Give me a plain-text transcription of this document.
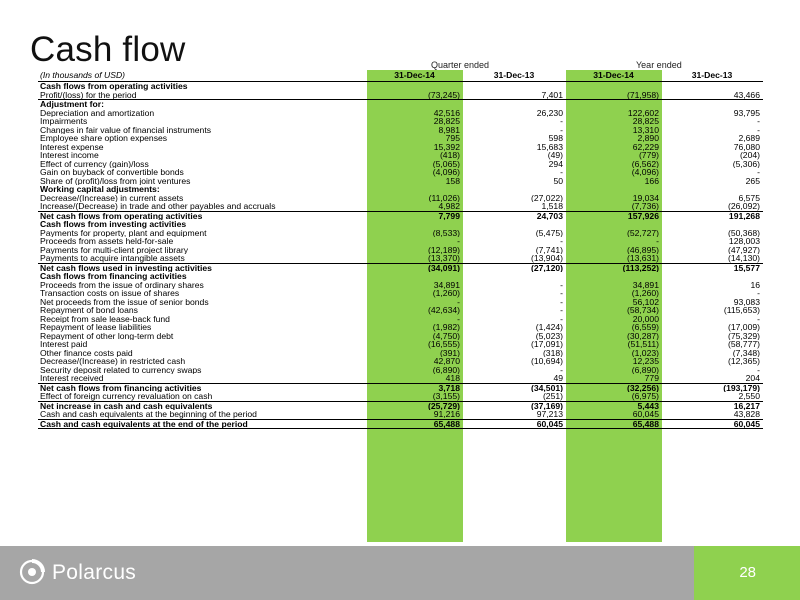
Cash flow	Quarter ended	Year ended
(In thousands of USD)	31-Dec-14	31-Dec-13	31-Dec-14	31-Dec-13
Cash flows from operating activities				
Profit/(loss) for the period	(73,245)	7,401	(71,958)	43,466
Adjustment for:				
Depreciation and amortization	42,516	26,230	122,602	93,795
Impairments	28,825	-	28,825	-
Changes in fair value of financial instruments	8,981	-	13,310	-
Employee share option expenses	795	598	2,890	2,689
Interest expense	15,392	15,683	62,229	76,080
Interest income	(418)	(49)	(779)	(204)
Effect of currency (gain)/loss	(5,065)	294	(6,562)	(5,306)
Gain on buyback of convertible bonds	(4,096)	-	(4,096)	-
Share of (profit)/loss from joint ventures	158	50	166	265
Working capital adjustments:				
Decrease/(Increase) in current assets	(11,026)	(27,022)	19,034	6,575
Increase/(Decrease) in trade and other payables and accruals	4,982	1,518	(7,736)	(26,092)
Net cash flows from operating activities	7,799	24,703	157,926	191,268
Cash flows from investing activities				
Payments for property, plant and equipment	(8,533)	(5,475)	(52,727)	(50,368)
Proceeds from assets held-for-sale	-	-	-	128,003
Payments for multi-client project library	(12,189)	(7,741)	(46,895)	(47,927)
Payments to acquire intangible assets	(13,370)	(13,904)	(13,631)	(14,130)
Net cash flows used in investing activities	(34,091)	(27,120)	(113,252)	15,577
Cash flows from financing activities				
Proceeds from the issue of ordinary shares	34,891	-	34,891	16
Transaction costs on issue of shares	(1,260)	-	(1,260)	-
Net proceeds from the issue of senior bonds	-	-	56,102	93,083
Repayment of bond loans	(42,634)	-	(58,734)	(115,653)
Receipt from sale lease-back fund	-	-	20,000	-
Repayment of lease liabilities	(1,982)	(1,424)	(6,559)	(17,009)
Repayment of other long-term debt	(4,750)	(5,023)	(30,287)	(75,329)
Interest paid	(16,555)	(17,091)	(51,511)	(58,777)
Other finance costs paid	(391)	(318)	(1,023)	(7,348)
Decrease/(Increase) in restricted cash	42,870	(10,694)	12,235	(12,365)
Security deposit related to currency swaps	(6,890)	-	(6,890)	-
Interest received	418	49	779	204
Net cash flows from financing activities	3,718	(34,501)	(32,256)	(193,179)
Effect of foreign currency revaluation on cash	(3,155)	(251)	(6,975)	2,550
Net increase in cash and cash equivalents	(25,729)	(37,169)	5,443	16,217
Cash and cash equivalents at the beginning of the period	91,216	97,213	60,045	43,828
Cash and cash equivalents at the end of the period	65,488	60,045	65,488	60,045
Polarcus	28
